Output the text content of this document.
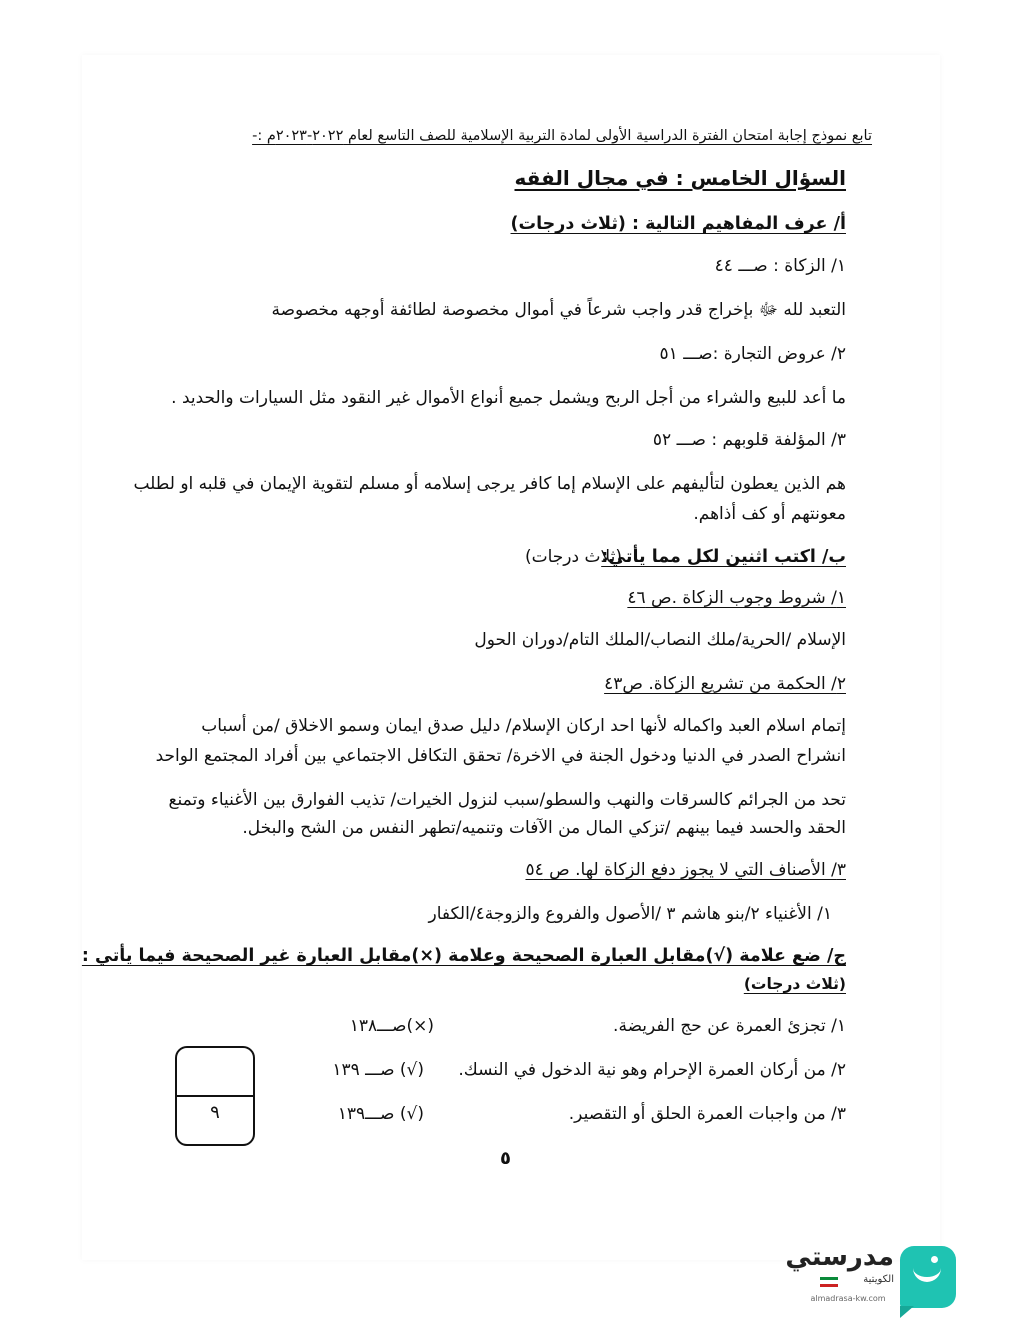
تابع نموذج إجابة امتحان الفترة الدراسية الأولى لمادة التربية الإسلامية للصف التاسع لعام ٢٠٢٢-٢٠٢٣م :-
السؤال الخامس : في مجال الفقه
أ/ عرف المفاهيم التالية : (ثلاث درجات)
١/ الزكاة : صـــ ٤٤
التعبد لله ﷻ بإخراج قدر واجب شرعاً في أموال مخصوصة لطائفة أوجهه مخصوصة
٢/ عروض التجارة :صـــ ٥١
ما أعد للبيع والشراء من أجل الربح ويشمل جميع أنواع الأموال غير النقود مثل السيارات والحديد .
٣/ المؤلفة قلوبهم : صـــ ٥٢
هم الذين يعطون لتأليفهم على الإسلام إما كافر يرجى إسلامه أو مسلم لتقوية الإيمان في قلبه او لطلب
معونتهم أو كف أذاهم.
ب/ اكتب اثنين لكل مما يأتي:
(ثلاث درجات)
١/ شروط وجوب الزكاة .ص ٤٦
الإسلام /الحرية/ملك النصاب/الملك التام/دوران الحول
٢/ الحكمة من تشريع الزكاة. ص٤٣
إتمام اسلام العبد واكماله لأنها احد اركان الإسلام/ دليل صدق ايمان وسمو الاخلاق /من أسباب
انشراح الصدر في الدنيا ودخول الجنة في الاخرة/ تحقق التكافل الاجتماعي بين أفراد المجتمع الواحد
تحد من الجرائم كالسرقات والنهب والسطو/سبب لنزول الخيرات/ تذيب الفوارق بين الأغنياء وتمنع
الحقد والحسد فيما بينهم /تزكي المال من الآفات وتنميه/تطهر النفس من الشح والبخل.
٣/ الأصناف التي لا يجوز دفع الزكاة لها. ص ٥٤
١/ الأغنياء ٢/بنو هاشم ٣ /الأصول والفروع والزوجة٤/الكفار
ج/ ضع علامة (√)مقابل العبارة الصحيحة وعلامة (×)مقابل العبارة غير الصحيحة فيما يأتي :
(ثلاث درجات)
١/ تجزئ العمرة عن حج الفريضة.
(×)صـــ١٣٨
٢/ من أركان العمرة الإحرام وهو نية الدخول في النسك.
(√) صـــ ١٣٩
٣/ من واجبات العمرة الحلق أو التقصير.
(√) صـــ١٣٩
٩
٥
مدرستي
الكويتية
almadrasa-kw.com
